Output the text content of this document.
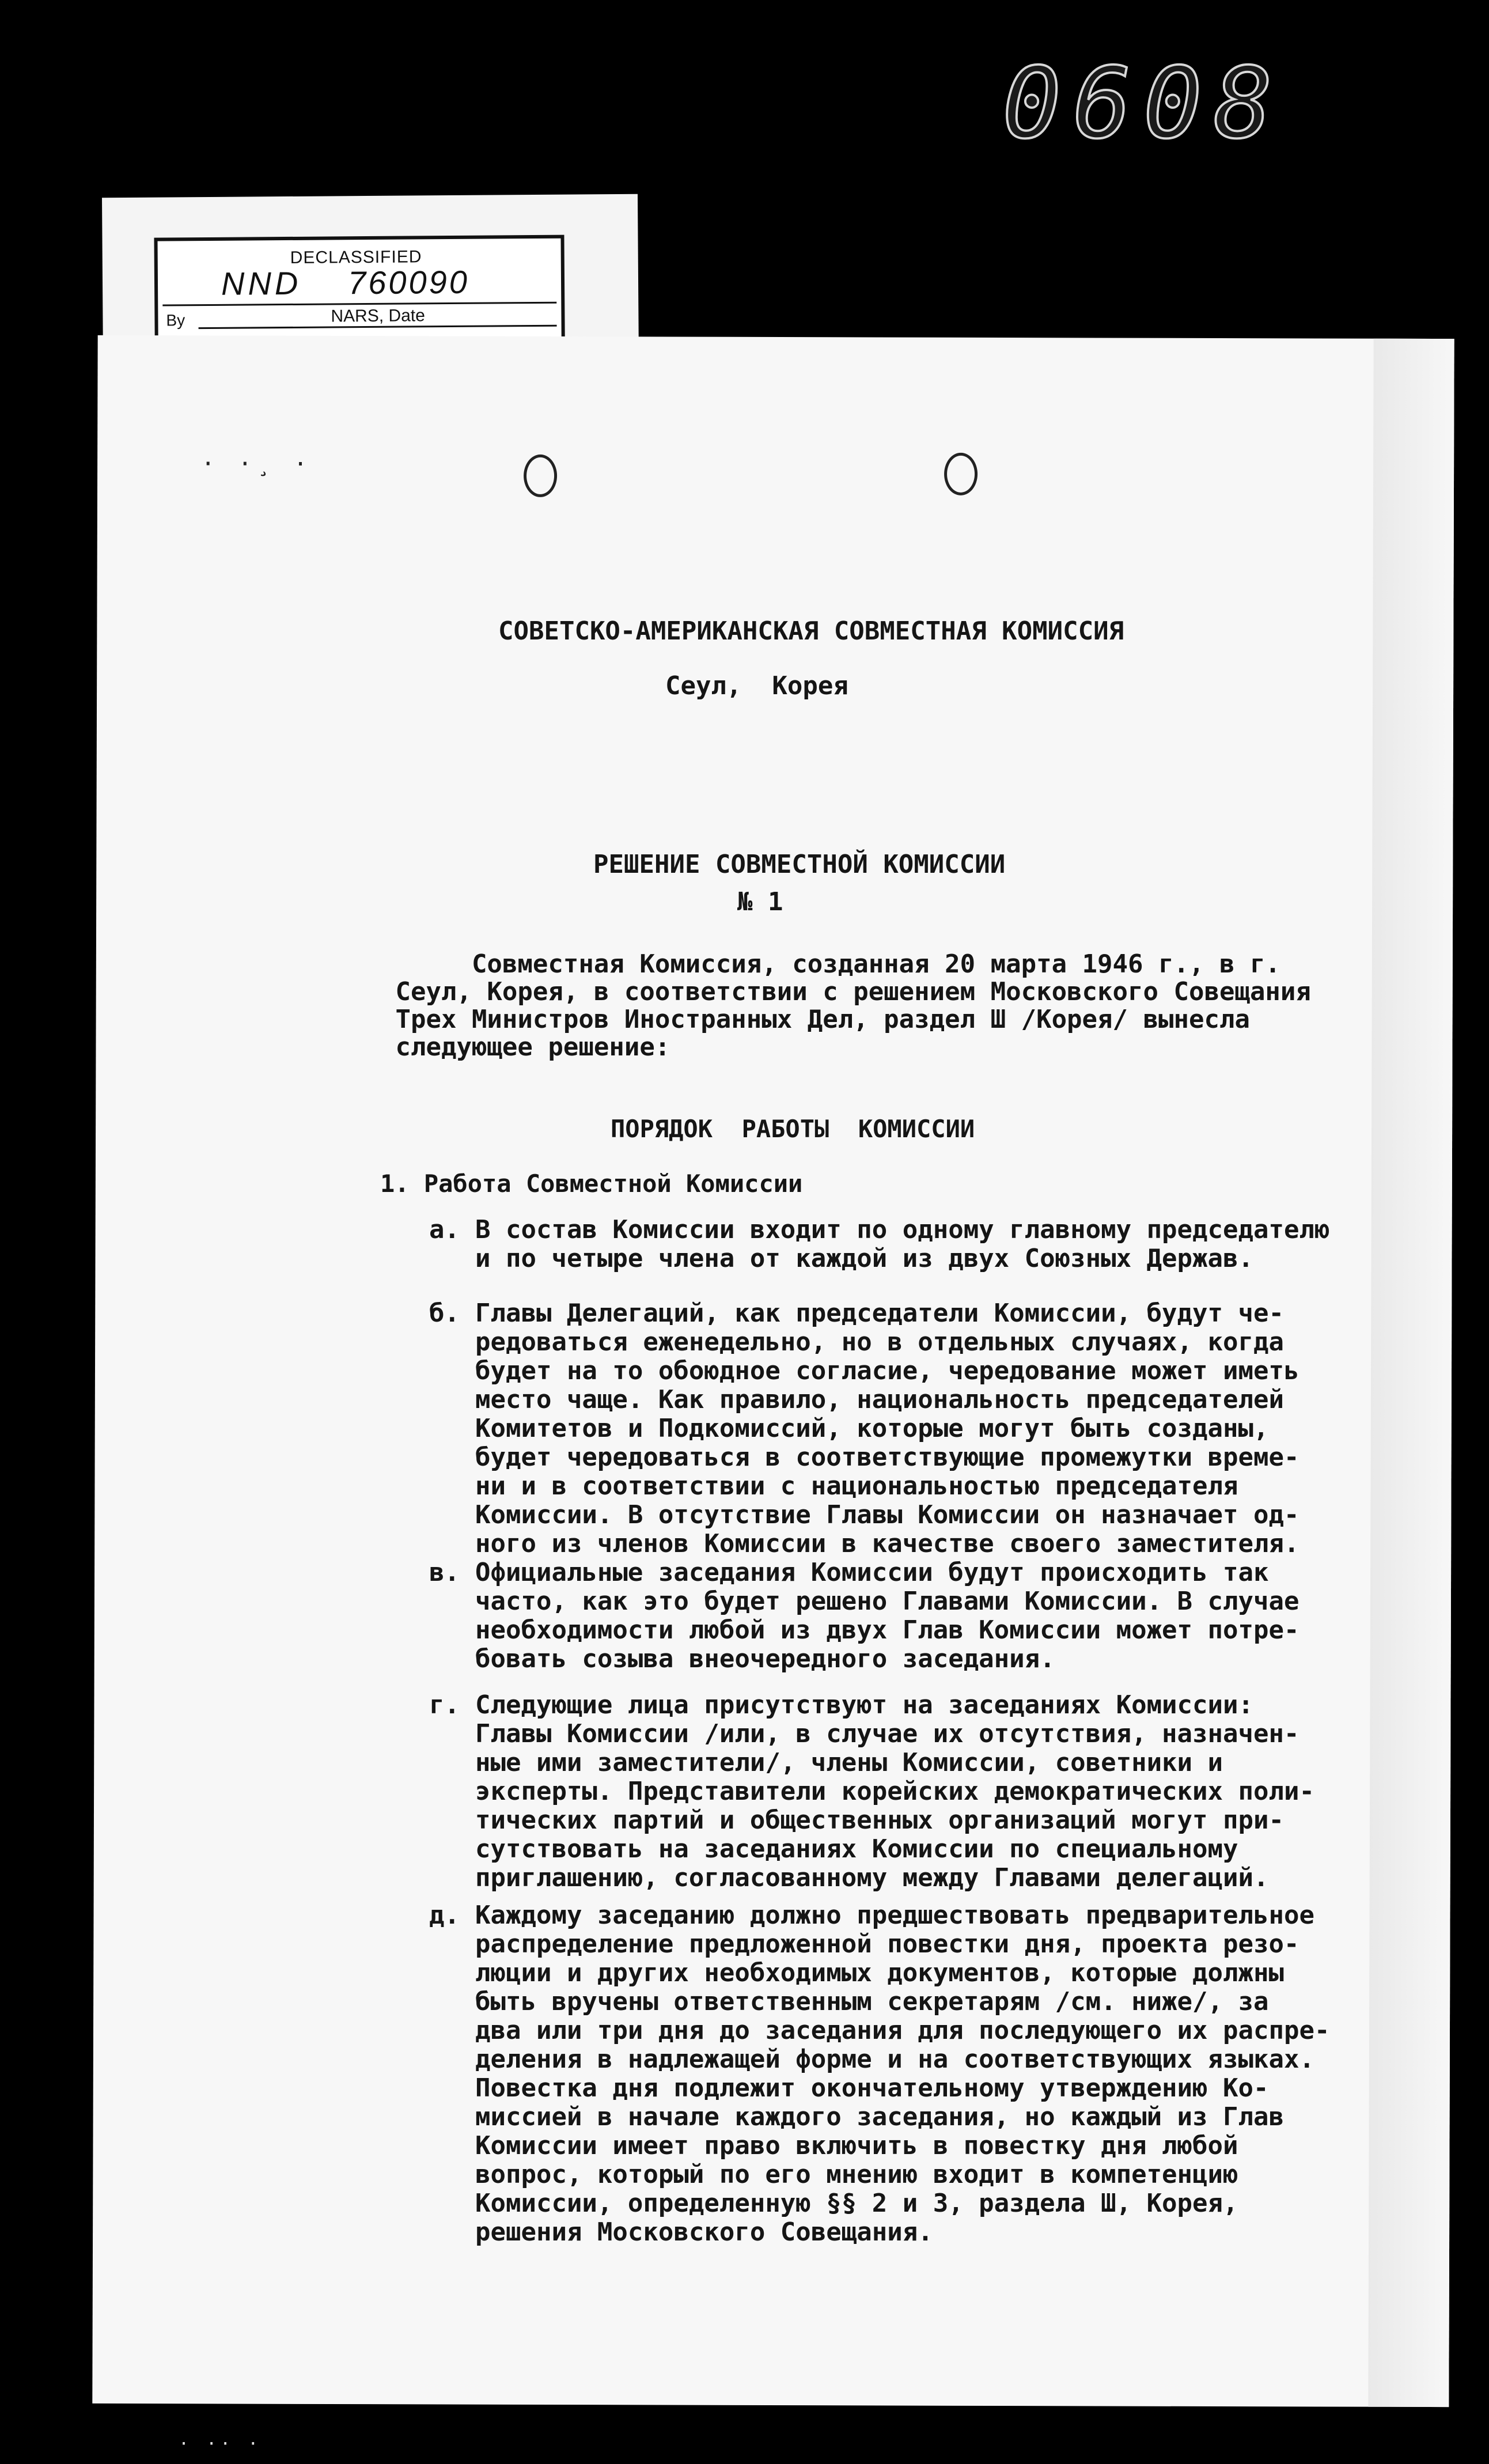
0608
DECLASSIFIED
NND 760090
By	NARS, Date
· ·¸ ·
СОВЕТСКО-АМЕРИКАНСКАЯ СОВМЕСТНАЯ КОМИССИЯ
Сеул,  Корея
РЕШЕНИЕ СОВМЕСТНОЙ КОМИССИИ
№ 1
Совместная Комиссия, созданная 20 марта 1946 г., в г.
Сеул, Корея, в соответствии с решением Московского Совещания
Трех Министров Иностранных Дел, раздел Ш /Корея/ вынесла
следующее решение:
ПОРЯДОК  РАБОТЫ  КОМИССИИ
1. Работа Совместной Комиссии
а. В состав Комиссии входит по одному главному председателю
и по четыре члена от каждой из двух Союзных Держав.
б. Главы Делегаций, как председатели Комиссии, будут че-
редоваться еженедельно, но в отдельных случаях, когда
будет на то обоюдное согласие, чередование может иметь
место чаще. Как правило, национальность председателей
Комитетов и Подкомиссий, которые могут быть созданы,
будет чередоваться в соответствующие промежутки време-
ни и в соответствии с национальностью председателя
Комиссии. В отсутствие Главы Комиссии он назначает од-
ного из членов Комиссии в качестве своего заместителя.
в. Официальные заседания Комиссии будут происходить так
часто, как это будет решено Главами Комиссии. В случае
необходимости любой из двух Глав Комиссии может потре-
бовать созыва внеочередного заседания.
г. Следующие лица присутствуют на заседаниях Комиссии:
Главы Комиссии /или, в случае их отсутствия, назначен-
ные ими заместители/, члены Комиссии, советники и
эксперты. Представители корейских демократических поли-
тических партий и общественных организаций могут при-
сутствовать на заседаниях Комиссии по специальному
приглашению, согласованному между Главами делегаций.
д. Каждому заседанию должно предшествовать предварительное
распределение предложенной повестки дня, проекта резо-
люции и других необходимых документов, которые должны
быть вручены ответственным секретарям /см. ниже/, за
два или три дня до заседания для последующего их распре-
деления в надлежащей форме и на соответствующих языках.
Повестка дня подлежит окончательному утверждению Ко-
миссией в начале каждого заседания, но каждый из Глав
Комиссии имеет право включить в повестку дня любой
вопрос, который по его мнению входит в компетенцию
Комиссии, определенную §§ 2 и 3, раздела Ш, Корея,
решения Московского Совещания.
· ·· ·
